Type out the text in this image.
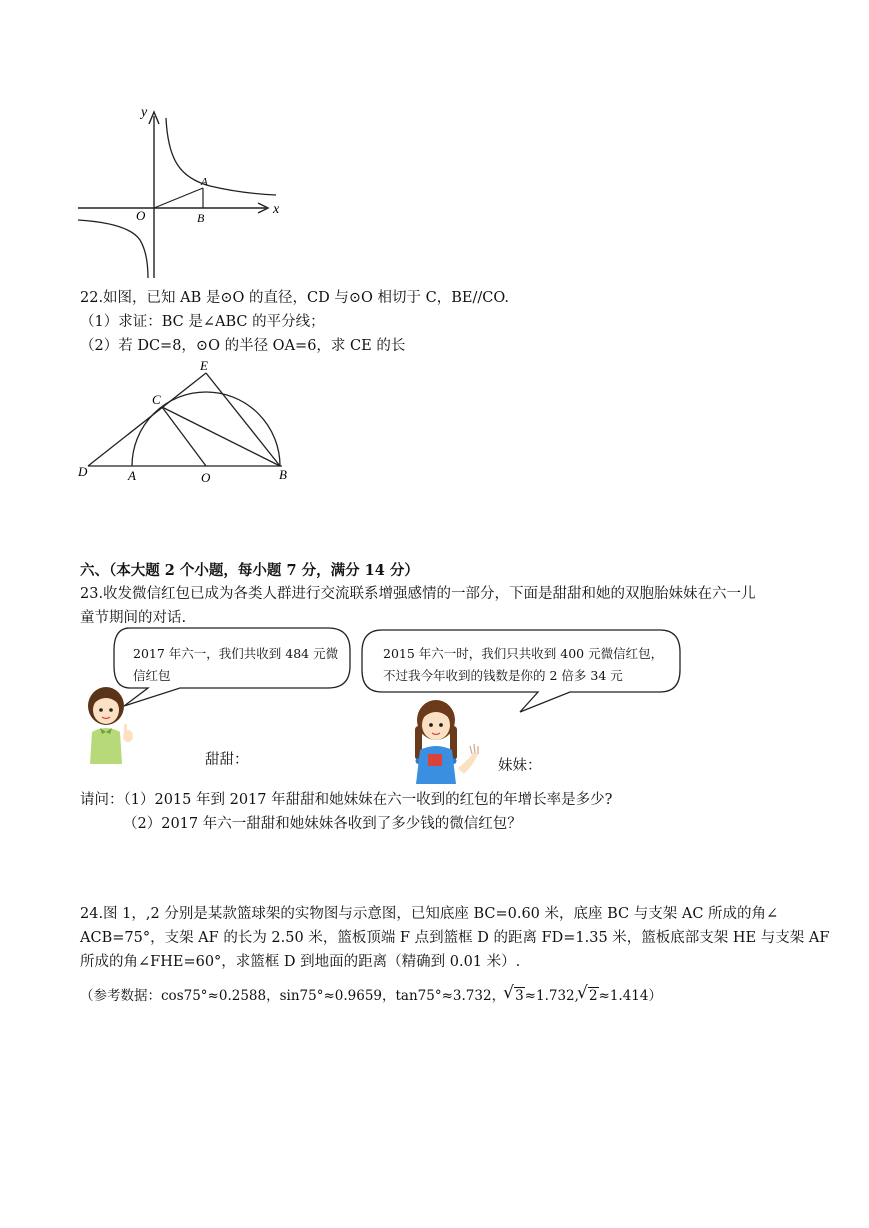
y
x
O
A
B
22.如图，已知 AB 是⊙O 的直径，CD 与⊙O 相切于 C，BE//CO.
（1）求证：BC 是∠ABC 的平分线；
（2）若 DC=8，⊙O 的半径 OA=6，求 CE 的长
E
C
D	A	O	B
六、（本大题 2 个小题，每小题 7 分，满分 14 分）
23.收发微信红包已成为各类人群进行交流联系增强感情的一部分，下面是甜甜和她的双胞胎妹妹在六一儿
童节期间的对话.
2017 年六一，我们共收到 484 元微
信红包
2015 年六一时，我们只共收到 400 元微信红包，
不过我今年收到的钱数是你的 2 倍多 34 元
甜甜：	妹妹：
请问：（1）2015 年到 2017 年甜甜和她妹妹在六一收到的红包的年增长率是多少?
（2）2017 年六一甜甜和她妹妹各收到了多少钱的微信红包？
24.图 1，,2 分别是某款篮球架的实物图与示意图，已知底座 BC=0.60 米，底座 BC 与支架 AC 所成的角∠
ACB=75°，支架 AF 的长为 2.50 米，篮板顶端 F 点到篮框 D 的距离 FD=1.35 米，篮板底部支架 HE 与支架 AF
所成的角∠FHE=60°，求篮框 D 到地面的距离（精确到 0.01 米）.
（参考数据：cos75°≈0.2588，sin75°≈0.9659，tan75°≈3.732， √ 3≈1.732, √ 2≈1.414）
